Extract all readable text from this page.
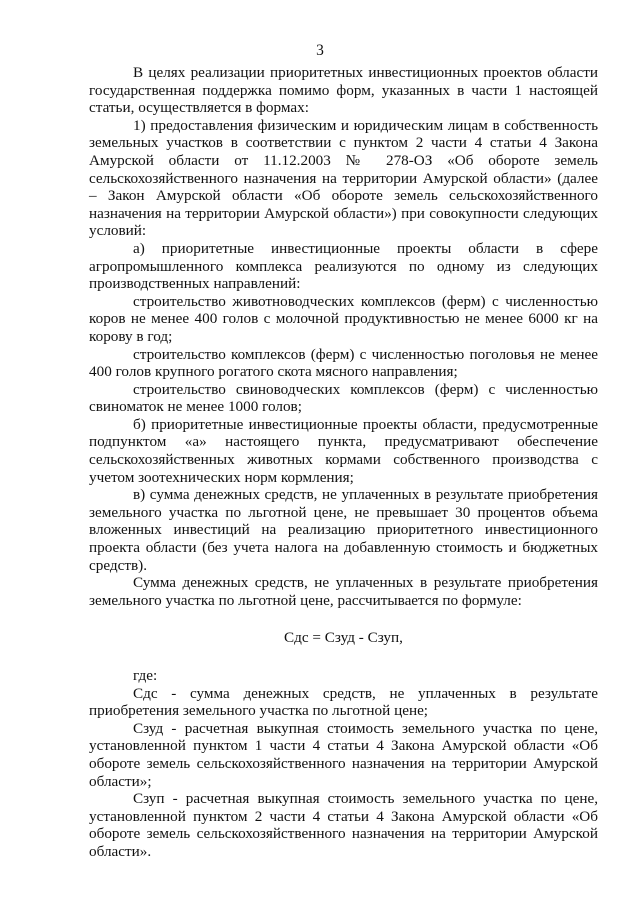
3

В целях реализации приоритетных инвестиционных проектов области государственная поддержка помимо форм, указанных в части 1 настоящей статьи, осуществляется в формах:

1) предоставления физическим и юридическим лицам в собственность земельных участков в соответствии с пунктом 2 части 4 статьи 4 Закона Амурской области от 11.12.2003 № 278-ОЗ «Об обороте земель сельскохозяйственного назначения на территории Амурской области» (далее – Закон Амурской области «Об обороте земель сельскохозяйственного назначения на территории Амурской области») при совокупности следующих условий:

а) приоритетные инвестиционные проекты области в сфере агропромышленного комплекса реализуются по одному из следующих производственных направлений:

строительство животноводческих комплексов (ферм) с численностью коров не менее 400 голов с молочной продуктивностью не менее 6000 кг на корову в год;

строительство комплексов (ферм) с численностью поголовья не менее 400 голов крупного рогатого скота мясного направления;

строительство свиноводческих комплексов (ферм) с численностью свиноматок не менее 1000 голов;

б) приоритетные инвестиционные проекты области, предусмотренные подпунктом «а» настоящего пункта, предусматривают обеспечение сельскохозяйственных животных кормами собственного производства с учетом зоотехнических норм кормления;

в) сумма денежных средств, не уплаченных в результате приобретения земельного участка по льготной цене, не превышает 30 процентов объема вложенных инвестиций на реализацию приоритетного инвестиционного проекта области (без учета налога на добавленную стоимость и бюджетных средств).

Сумма денежных средств, не уплаченных в результате приобретения земельного участка по льготной цене, рассчитывается по формуле:

Сдс = Сзуд - Сзуп,

где:

Сдс - сумма денежных средств, не уплаченных в результате приобретения земельного участка по льготной цене;

Сзуд - расчетная выкупная стоимость земельного участка по цене, установленной пунктом 1 части 4 статьи 4 Закона Амурской области «Об обороте земель сельскохозяйственного назначения на территории Амурской области»;

Сзуп - расчетная выкупная стоимость земельного участка по цене, установленной пунктом 2 части 4 статьи 4 Закона Амурской области «Об обороте земель сельскохозяйственного назначения на территории Амурской области».
